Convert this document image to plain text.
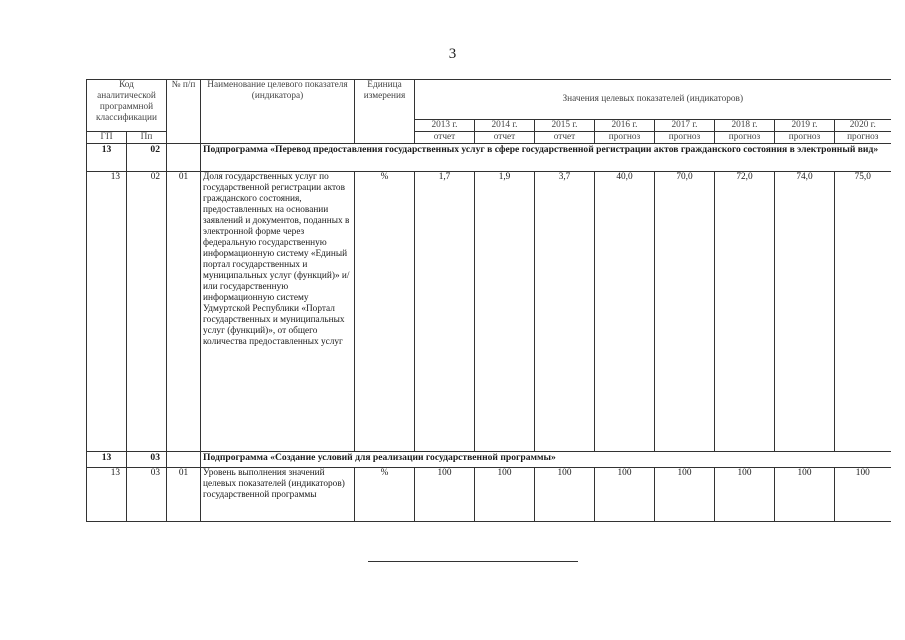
3
Код аналитической программной классификации		№ п/п	Наименование целевого показателя (индикатора)	Единица измерения	Значения целевых показателей (индикаторов)							
					2013 г.	2014 г.	2015 г.	2016 г.	2017 г.	2018 г.	2019 г.	2020 г.
ГП	Пп				отчет	отчет	отчет	прогноз	прогноз	прогноз	прогноз	прогноз
13	02		Подпрограмма «Перевод предоставления государственных услуг в сфере государственной регистрации актов гражданского состояния в электронный вид»									
13	02	01	Доля государственных услуг по государственной регистрации актов гражданского состояния, предоставленных на основании заявлений и документов, поданных в электронной форме через федеральную государственную информационную систему «Единый портал государственных и муниципальных услуг (функций)» и/или государственную информационную систему Удмуртской Республики «Портал государственных и муниципальных услуг (функций)», от общего количества предоставленных услуг	%	1,7	1,9	3,7	40,0	70,0	72,0	74,0	75,0
13	03		Подпрограмма «Создание условий для реализации государственной программы»									
13	03	01	Уровень выполнения значений целевых показателей (индикаторов) государственной программы	%	100	100	100	100	100	100	100	100
